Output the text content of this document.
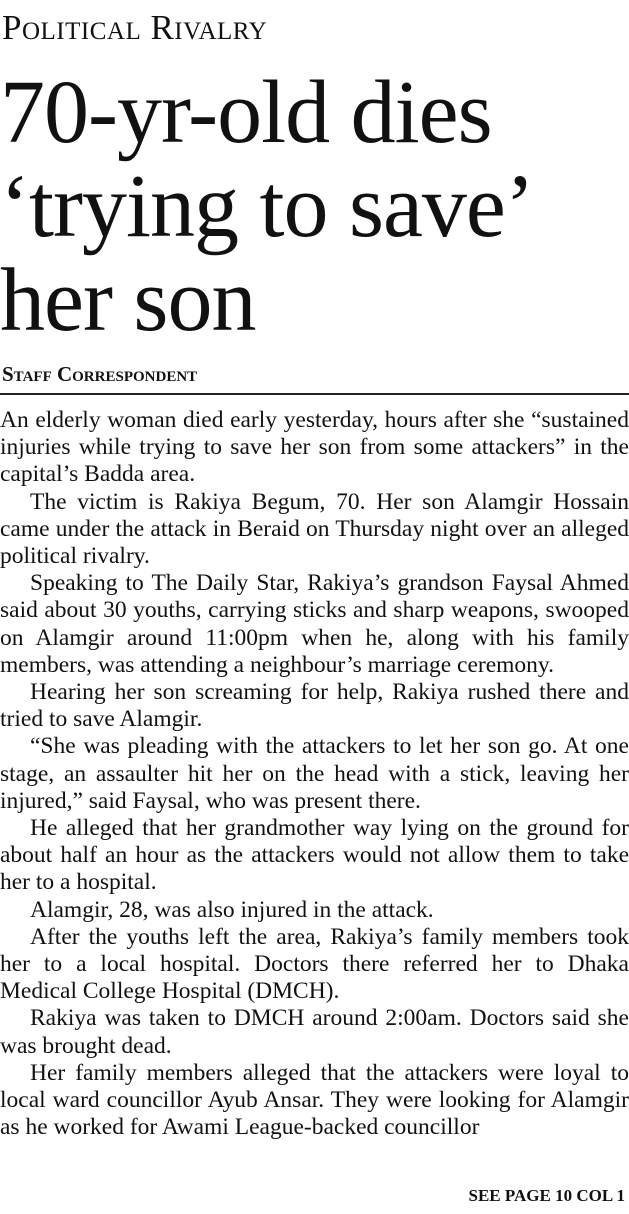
Political Rivalry
70-yr-old dies
‘trying to save’
her son
Staff Correspondent

An elderly woman died early yesterday, hours after she “sustained injuries while trying to save her son from some attackers” in the capital’s Badda area.

The victim is Rakiya Begum, 70. Her son Alamgir Hossain came under the attack in Beraid on Thursday night over an alleged political rivalry.

Speaking to The Daily Star, Rakiya’s grandson Faysal Ahmed said about 30 youths, carrying sticks and sharp weapons, swooped on Alamgir around 11:00pm when he, along with his family members, was attending a neighbour’s marriage ceremony.

Hearing her son screaming for help, Rakiya rushed there and tried to save Alamgir.

“She was pleading with the attackers to let her son go. At one stage, an assaulter hit her on the head with a stick, leaving her injured,” said Faysal, who was present there.

He alleged that her grandmother way lying on the ground for about half an hour as the attackers would not allow them to take her to a hospital.

Alamgir, 28, was also injured in the attack.

After the youths left the area, Rakiya’s family members took her to a local hospital. Doctors there referred her to Dhaka Medical College Hospital (DMCH).

Rakiya was taken to DMCH around 2:00am. Doctors said she was brought dead.

Her family members alleged that the attackers were loyal to local ward councillor Ayub Ansar. They were looking for Alamgir as he worked for Awami League-backed councillor

SEE PAGE 10 COL 1
